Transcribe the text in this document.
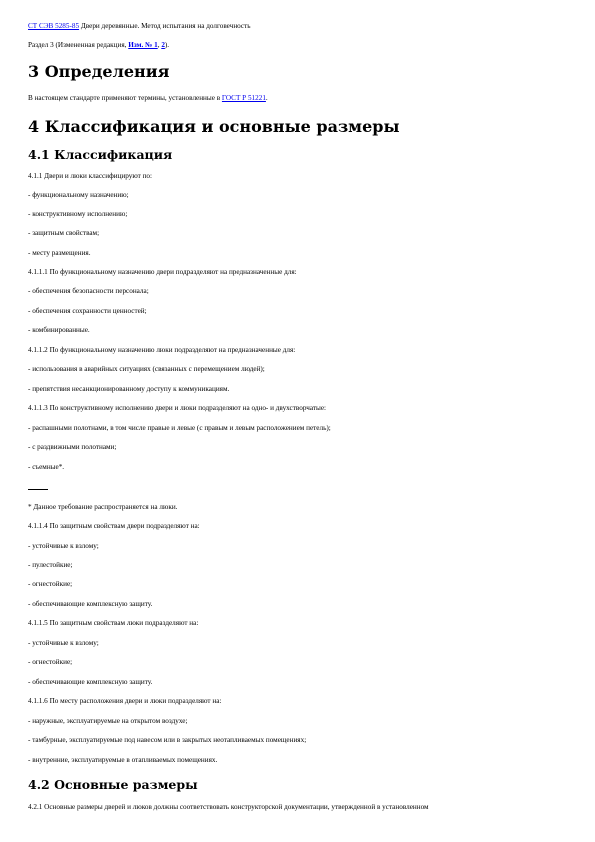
СТ СЭВ 5285-85 Двери деревянные. Метод испытания на долговечность
Раздел 3 (Измененная редакция, Изм. № 1, 2).
3 Определения
В настоящем стандарте применяют термины, установленные в ГОСТ Р 51221.
4 Классификация и основные размеры
4.1 Классификация
4.1.1 Двери и люки классифицируют по:
- функциональному назначению;
- конструктивному исполнению;
- защитным свойствам;
- месту размещения.
4.1.1.1 По функциональному назначению двери подразделяют на предназначенные для:
- обеспечения безопасности персонала;
- обеспечения сохранности ценностей;
- комбинированные.
4.1.1.2 По функциональному назначению люки подразделяют на предназначенные для:
- использования в аварийных ситуациях (связанных с перемещением людей);
- препятствия несанкционированному доступу к коммуникациям.
4.1.1.3 По конструктивному исполнению двери и люки подразделяют на одно- и двухстворчатые:
- распашными полотнами, в том числе правые и левые (с правым и левым расположением петель);
- с раздвижными полотнами;
- съемные*.
* Данное требование распространяется на люки.
4.1.1.4 По защитным свойствам двери подразделяют на:
- устойчивые к взлому;
- пулестойкие;
- огнестойкие;
- обеспечивающие комплексную защиту.
4.1.1.5 По защитным свойствам люки подразделяют на:
- устойчивые к взлому;
- огнестойкие;
- обеспечивающие комплексную защиту.
4.1.1.6 По месту расположения двери и люки подразделяют на:
- наружные, эксплуатируемые на открытом воздухе;
- тамбурные, эксплуатируемые под навесом или в закрытых неотапливаемых помещениях;
- внутренние, эксплуатируемые в отапливаемых помещениях.
4.2 Основные размеры
4.2.1 Основные размеры дверей и люков должны соответствовать конструкторской документации, утвержденной в установленном
